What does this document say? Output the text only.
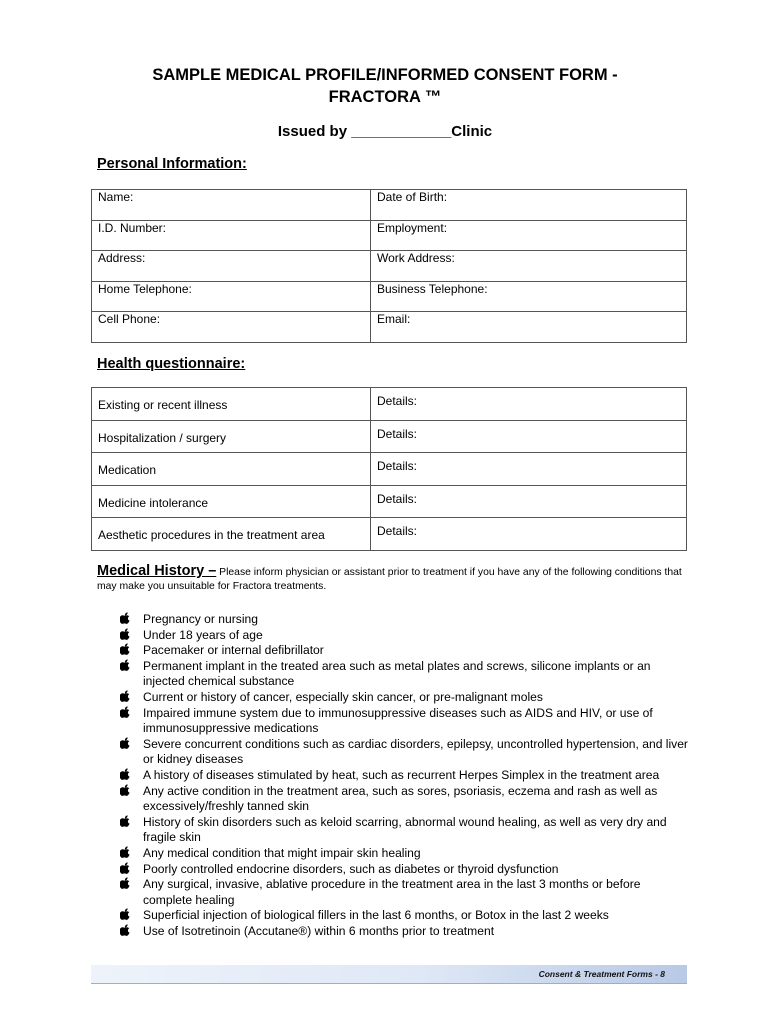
SAMPLE MEDICAL PROFILE/INFORMED CONSENT FORM -
FRACTORA ™
Issued by ____________Clinic
Personal Information:
Name:	Date of Birth:
I.D. Number:	Employment:
Address:	Work Address:
Home Telephone:	Business Telephone:
Cell Phone:	Email:
Health questionnaire:
Existing or recent illness	Details:
Hospitalization / surgery	Details:
Medication	Details:
Medicine intolerance	Details:
Aesthetic procedures in the treatment area	Details:
Medical History – Please inform physician or assistant prior to treatment if you have any of the following conditions that may make you unsuitable for Fractora treatments.
Pregnancy or nursing
Under 18 years of age
Pacemaker or internal defibrillator
Permanent implant in the treated area such as metal plates and screws, silicone implants or an injected chemical substance
Current or history of cancer, especially skin cancer, or pre-malignant moles
Impaired immune system due to immunosuppressive diseases such as AIDS and HIV, or use of immunosuppressive medications
Severe concurrent conditions such as cardiac disorders, epilepsy, uncontrolled hypertension, and liver or kidney diseases
A history of diseases stimulated by heat, such as recurrent Herpes Simplex in the treatment area
Any active condition in the treatment area, such as sores, psoriasis, eczema and rash as well as excessively/freshly tanned skin
History of skin disorders such as keloid scarring, abnormal wound healing, as well as very dry and fragile skin
Any medical condition that might impair skin healing
Poorly controlled endocrine disorders, such as diabetes or thyroid dysfunction
Any surgical, invasive, ablative procedure in the treatment area in the last 3 months or before complete healing
Superficial injection of biological fillers in the last 6 months, or Botox in the last 2 weeks
Use of Isotretinoin (Accutane®) within 6 months prior to treatment
Consent & Treatment Forms - 8
